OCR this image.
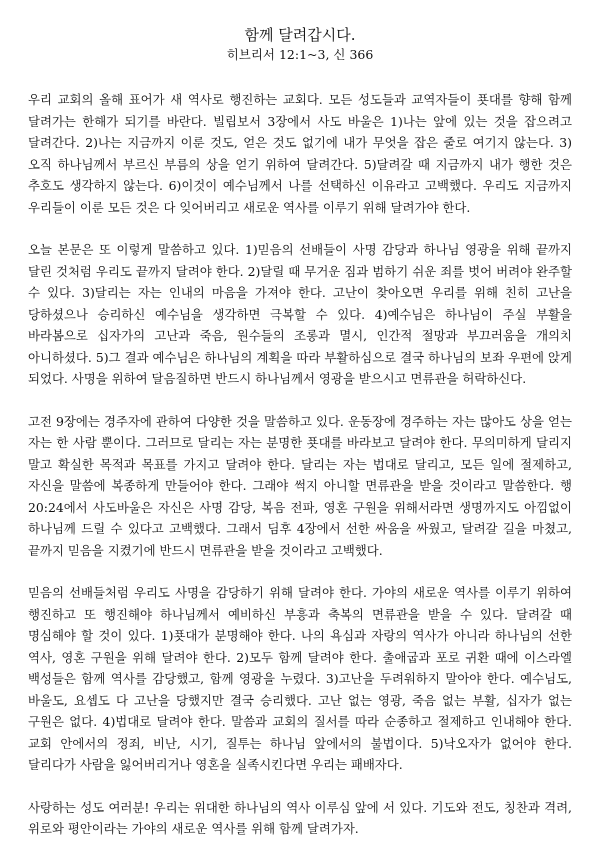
함께 달려갑시다.

히브리서 12:1~3, 신 366

우리 교회의 올해 표어가 새 역사로 행진하는 교회다. 모든 성도들과 교역자들이 푯대를 향해 함께 달려가는 한해가 되기를 바란다. 빌립보서 3장에서 사도 바울은 1)나는 앞에 있는 것을 잡으려고 달려간다. 2)나는 지금까지 이룬 것도, 얻은 것도 없기에 내가 무엇을 잡은 줄로 여기지 않는다. 3)오직 하나님께서 부르신 부름의 상을 얻기 위하여 달려간다. 5)달려갈 때 지금까지 내가 행한 것은 추호도 생각하지 않는다. 6)이것이 예수님께서 나를 선택하신 이유라고 고백했다. 우리도 지금까지 우리들이 이룬 모든 것은 다 잊어버리고 새로운 역사를 이루기 위해 달려가야 한다.

오늘 본문은 또 이렇게 말씀하고 있다. 1)믿음의 선배들이 사명 감당과 하나님 영광을 위해 끝까지 달린 것처럼 우리도 끝까지 달려야 한다. 2)달릴 때 무거운 짐과 범하기 쉬운 죄를 벗어 버려야 완주할 수 있다. 3)달리는 자는 인내의 마음을 가져야 한다. 고난이 찾아오면 우리를 위해 친히 고난을 당하셨으나 승리하신 예수님을 생각하면 극복할 수 있다. 4)예수님은 하나님이 주실 부활을 바라봄으로 십자가의 고난과 죽음, 원수들의 조롱과 멸시, 인간적 절망과 부끄러움을 개의치 아니하셨다. 5)그 결과 예수님은 하나님의 계획을 따라 부활하심으로 결국 하나님의 보좌 우편에 앉게 되었다. 사명을 위하여 달음질하면 반드시 하나님께서 영광을 받으시고 면류관을 허락하신다.

고전 9장에는 경주자에 관하여 다양한 것을 말씀하고 있다. 운동장에 경주하는 자는 많아도 상을 얻는 자는 한 사람 뿐이다. 그러므로 달리는 자는 분명한 푯대를 바라보고 달려야 한다. 무의미하게 달리지 말고 확실한 목적과 목표를 가지고 달려야 한다. 달리는 자는 법대로 달리고, 모든 일에 절제하고, 자신을 말씀에 복종하게 만들어야 한다. 그래야 썩지 아니할 면류관을 받을 것이라고 말씀한다. 행 20:24에서 사도바울은 자신은 사명 감당, 복음 전파, 영혼 구원을 위해서라면 생명까지도 아낌없이 하나님께 드릴 수 있다고 고백했다. 그래서 딤후 4장에서 선한 싸움을 싸웠고, 달려갈 길을 마쳤고, 끝까지 믿음을 지켰기에 반드시 면류관을 받을 것이라고 고백했다.

믿음의 선배들처럼 우리도 사명을 감당하기 위해 달려야 한다. 가야의 새로운 역사를 이루기 위하여 행진하고 또 행진해야 하나님께서 예비하신 부흥과 축복의 면류관을 받을 수 있다. 달려갈 때 명심해야 할 것이 있다. 1)푯대가 분명해야 한다. 나의 욕심과 자랑의 역사가 아니라 하나님의 선한 역사, 영혼 구원을 위해 달려야 한다. 2)모두 함께 달려야 한다. 출애굽과 포로 귀환 때에 이스라엘 백성들은 함께 역사를 감당했고, 함께 영광을 누렸다. 3)고난을 두려워하지 말아야 한다. 예수님도, 바울도, 요셉도 다 고난을 당했지만 결국 승리했다. 고난 없는 영광, 죽음 없는 부활, 십자가 없는 구원은 없다. 4)법대로 달려야 한다. 말씀과 교회의 질서를 따라 순종하고 절제하고 인내해야 한다. 교회 안에서의 정죄, 비난, 시기, 질투는 하나님 앞에서의 불법이다. 5)낙오자가 없어야 한다. 달리다가 사람을 잃어버리거나 영혼을 실족시킨다면 우리는 패배자다.

사랑하는 성도 여러분! 우리는 위대한 하나님의 역사 이루심 앞에 서 있다. 기도와 전도, 칭찬과 격려, 위로와 평안이라는 가야의 새로운 역사를 위해 함께 달려가자.
